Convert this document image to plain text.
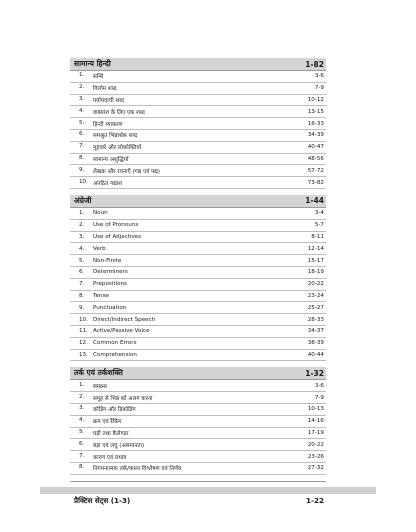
सामान्य हिन्दी	1-82
1.	सन्धि	3-6
2.	विलोम शब्द	7-9
3.	पर्यायवाची शब्द	10-12
4.	वाक्यांश के लिए एक शब्द	13-15
5.	हिन्दी व्याकरण	16-33
6.	समश्रुत भिन्नार्थक शब्द	34-39
7.	मुहावरे और लोकोक्तियाँ	40-47
8.	सामान्य अशुद्धियाँ	48-56
9.	लेखक और रचनाएँ (गद्य एवं पद्य)	57-72
10. अपठित गद्यांश	73-82
अंग्रेजी	1-44
1.	Noun	3-4
2.	Use of Pronouns	5-7
3.	Use of Adjectives	8-11
4.	Verb	12-14
5.	Non-Finite	15-17
6.	Determiners	18-19
7.	Prepositions	20-22
8.	Tense	23-24
9.	Punctuation	25-27
10. Direct/Indirect Speech	28-33
11. Active/Passive Voice	34-37
12. Common Errors	38-39
13. Comprehension	40-44
तर्क एवं तर्कशक्ति	1-32
1.	सम्बन्ध	3-6
2.	समूह से भिन्न को अलग करना	7-9
3.	कोडिंग और डिकोडिंग	10-13
4.	क्रम एवं रैंकिंग	14-16
5.	घड़ी तथा कैलेण्डर	17-19
6.	बड़ा एवं लघु (असमानता)	20-22
7.	कारण एवं प्रभाव	23-26
8.	निगमनात्मक तर्क/कथन विश्लेषण एवं निर्णय	27-32
प्रैक्टिस सेट्स (1-3)	1-22
